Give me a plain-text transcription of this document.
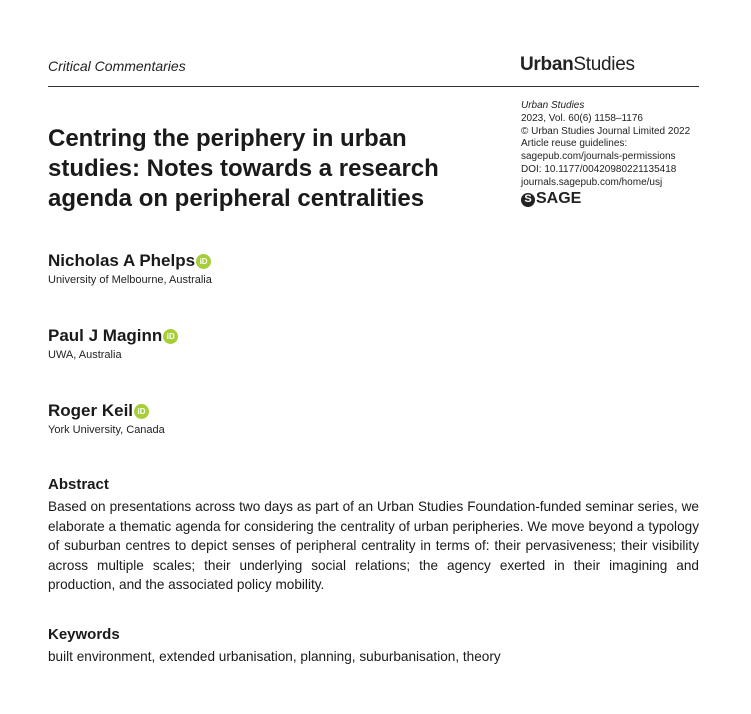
Critical Commentaries	UrbanStudies
Urban Studies
2023, Vol. 60(6) 1158–1176
© Urban Studies Journal Limited 2022
Article reuse guidelines:
sagepub.com/journals-permissions
DOI: 10.1177/00420980221135418
journals.sagepub.com/home/usj
S SAGE
Centring the periphery in urban
studies: Notes towards a research
agenda on peripheral centralities
Nicholas A Phelps iD
University of Melbourne, Australia
Paul J Maginn iD
UWA, Australia
Roger Keil iD
York University, Canada
Abstract
Based on presentations across two days as part of an Urban Studies Foundation-funded seminar series, we elaborate a thematic agenda for considering the centrality of urban peripheries. We move beyond a typology of suburban centres to depict senses of peripheral centrality in terms of: their pervasiveness; their visibility across multiple scales; their underlying social relations; the agency exerted in their imagining and production, and the associated policy mobility.
Keywords
built environment, extended urbanisation, planning, suburbanisation, theory
